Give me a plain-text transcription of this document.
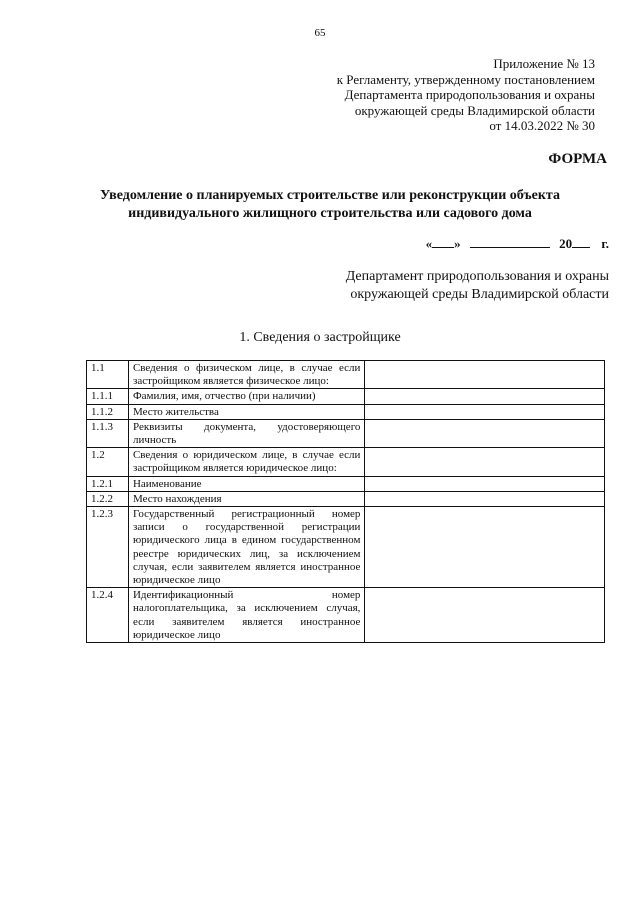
65
Приложение № 13
к Регламенту, утвержденному постановлением
Департамента природопользования и охраны
окружающей среды Владимирской области
от 14.03.2022 № 30
ФОРМА
Уведомление о планируемых строительстве или реконструкции объекта
индивидуального жилищного строительства или садового дома
« »	20 г.
Департамент природопользования и охраны
окружающей среды Владимирской области
1. Сведения о застройщике
1.1	Сведения о физическом лице, в случае если застройщиком является физическое лицо:	
1.1.1	Фамилия, имя, отчество (при наличии)	
1.1.2	Место жительства	
1.1.3	Реквизиты документа, удостоверяющего личность	
1.2	Сведения о юридическом лице, в случае если застройщиком является юридическое лицо:	
1.2.1	Наименование	
1.2.2	Место нахождения	
1.2.3	Государственный регистрационный номер записи о государственной регистрации юридического лица в едином государственном реестре юридических лиц, за исключением случая, если заявителем является иностранное юридическое лицо	
1.2.4	Идентификационный номер налогоплательщика, за исключением случая, если заявителем является иностранное юридическое лицо	
